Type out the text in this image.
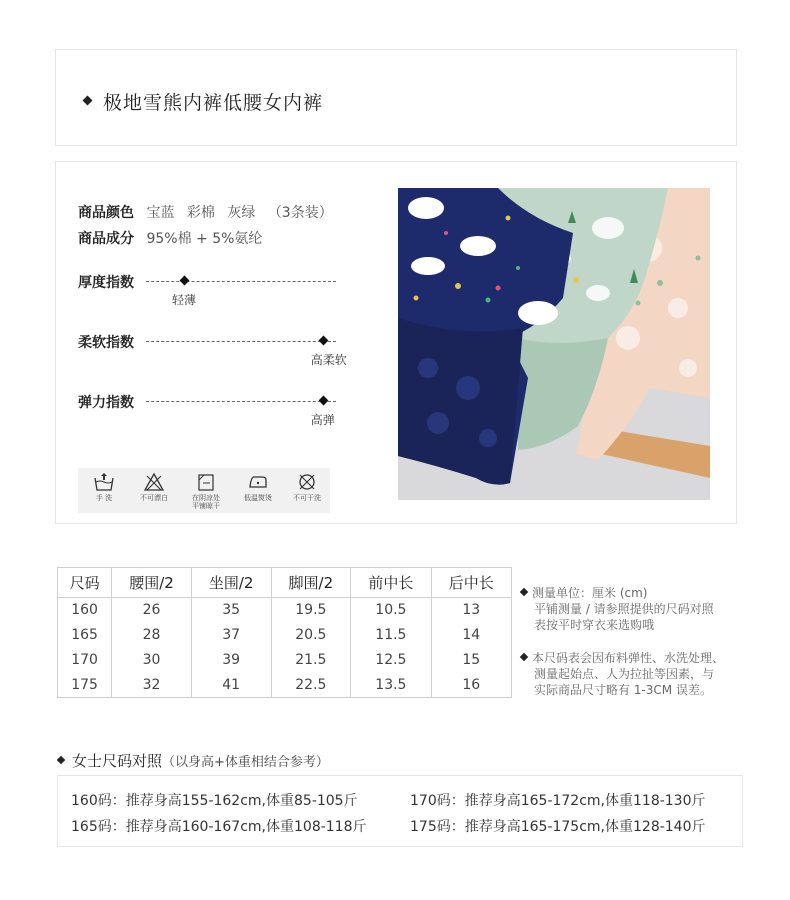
极地雪熊内裤低腰女内裤
商品颜色 宝蓝 彩棉 灰绿 （3条装）
商品成分 95%棉 + 5%氨纶
厚度指数
轻薄
柔软指数
高柔软
弹力指数
高弹
手 洗	不可漂白	在阴凉处
平铺晾干
低温熨烫	不可干洗
尺码	腰围/2	坐围/2	脚围/2	前中长	后中长
160	26	35	19.5	10.5	13
165	28	37	20.5	11.5	14
170	30	39	21.5	12.5	15
175	32	41	22.5	13.5	16
测量单位：厘米 (cm)
平铺测量 / 请参照提供的尺码对照
表按平时穿衣来选购哦
本尺码表会因布料弹性、水洗处理、
测量起始点、人为拉扯等因素，与
实际商品尺寸略有 1-3CM 误差。
女士尺码对照（以身高+体重相结合参考）
160码：推荐身高155-162cm,体重85-105斤
165码：推荐身高160-167cm,体重108-118斤
170码：推荐身高165-172cm,体重118-130斤
175码：推荐身高165-175cm,体重128-140斤
